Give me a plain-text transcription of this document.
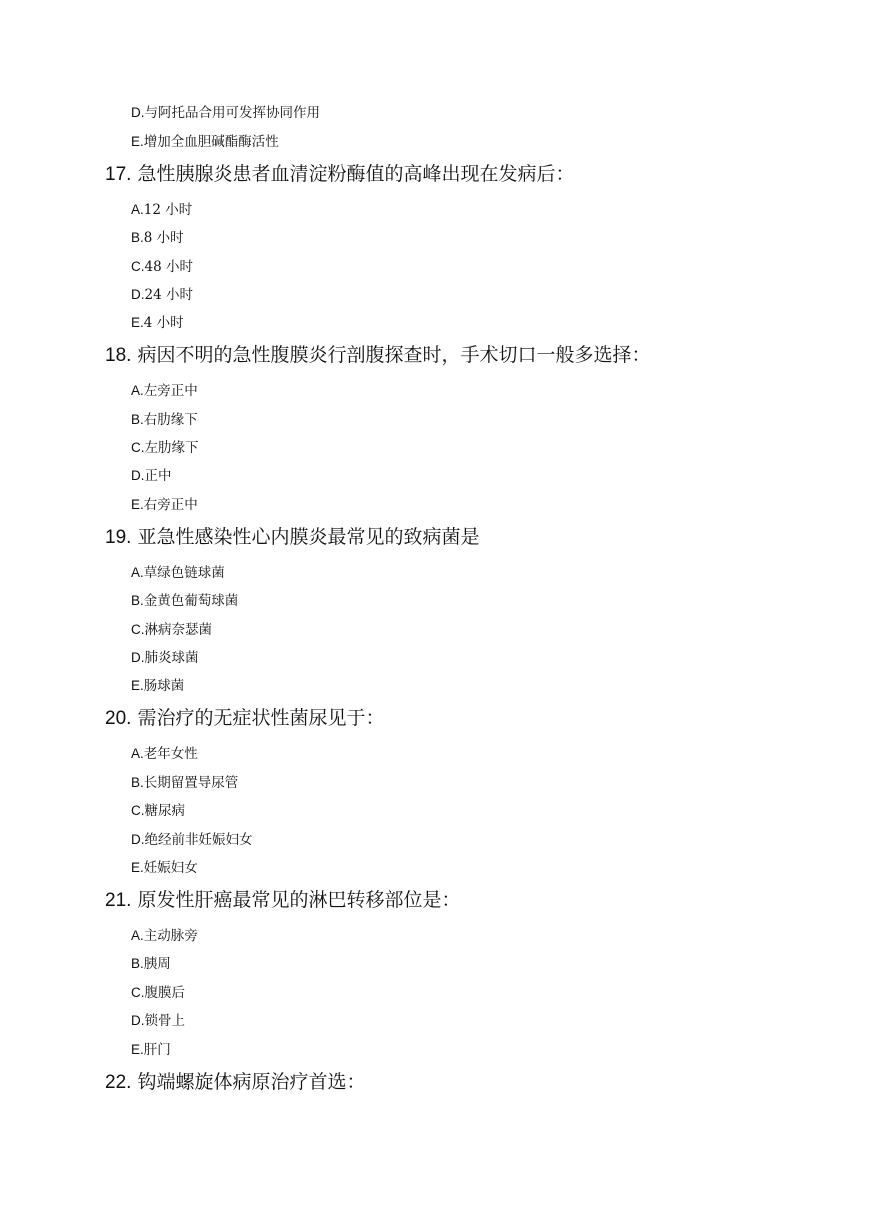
D.与阿托品合用可发挥协同作用
E.增加全血胆碱酯酶活性
17. 急性胰腺炎患者血清淀粉酶值的高峰出现在发病后：
A.12 小时
B.8 小时
C.48 小时
D.24 小时
E.4 小时
18. 病因不明的急性腹膜炎行剖腹探查时，手术切口一般多选择：
A.左旁正中
B.右肋缘下
C.左肋缘下
D.正中
E.右旁正中
19. 亚急性感染性心内膜炎最常见的致病菌是
A.草绿色链球菌
B.金黄色葡萄球菌
C.淋病奈瑟菌
D.肺炎球菌
E.肠球菌
20. 需治疗的无症状性菌尿见于：
A.老年女性
B.长期留置导尿管
C.糖尿病
D.绝经前非妊娠妇女
E.妊娠妇女
21. 原发性肝癌最常见的淋巴转移部位是：
A.主动脉旁
B.胰周
C.腹膜后
D.锁骨上
E.肝门
22. 钩端螺旋体病原治疗首选：
